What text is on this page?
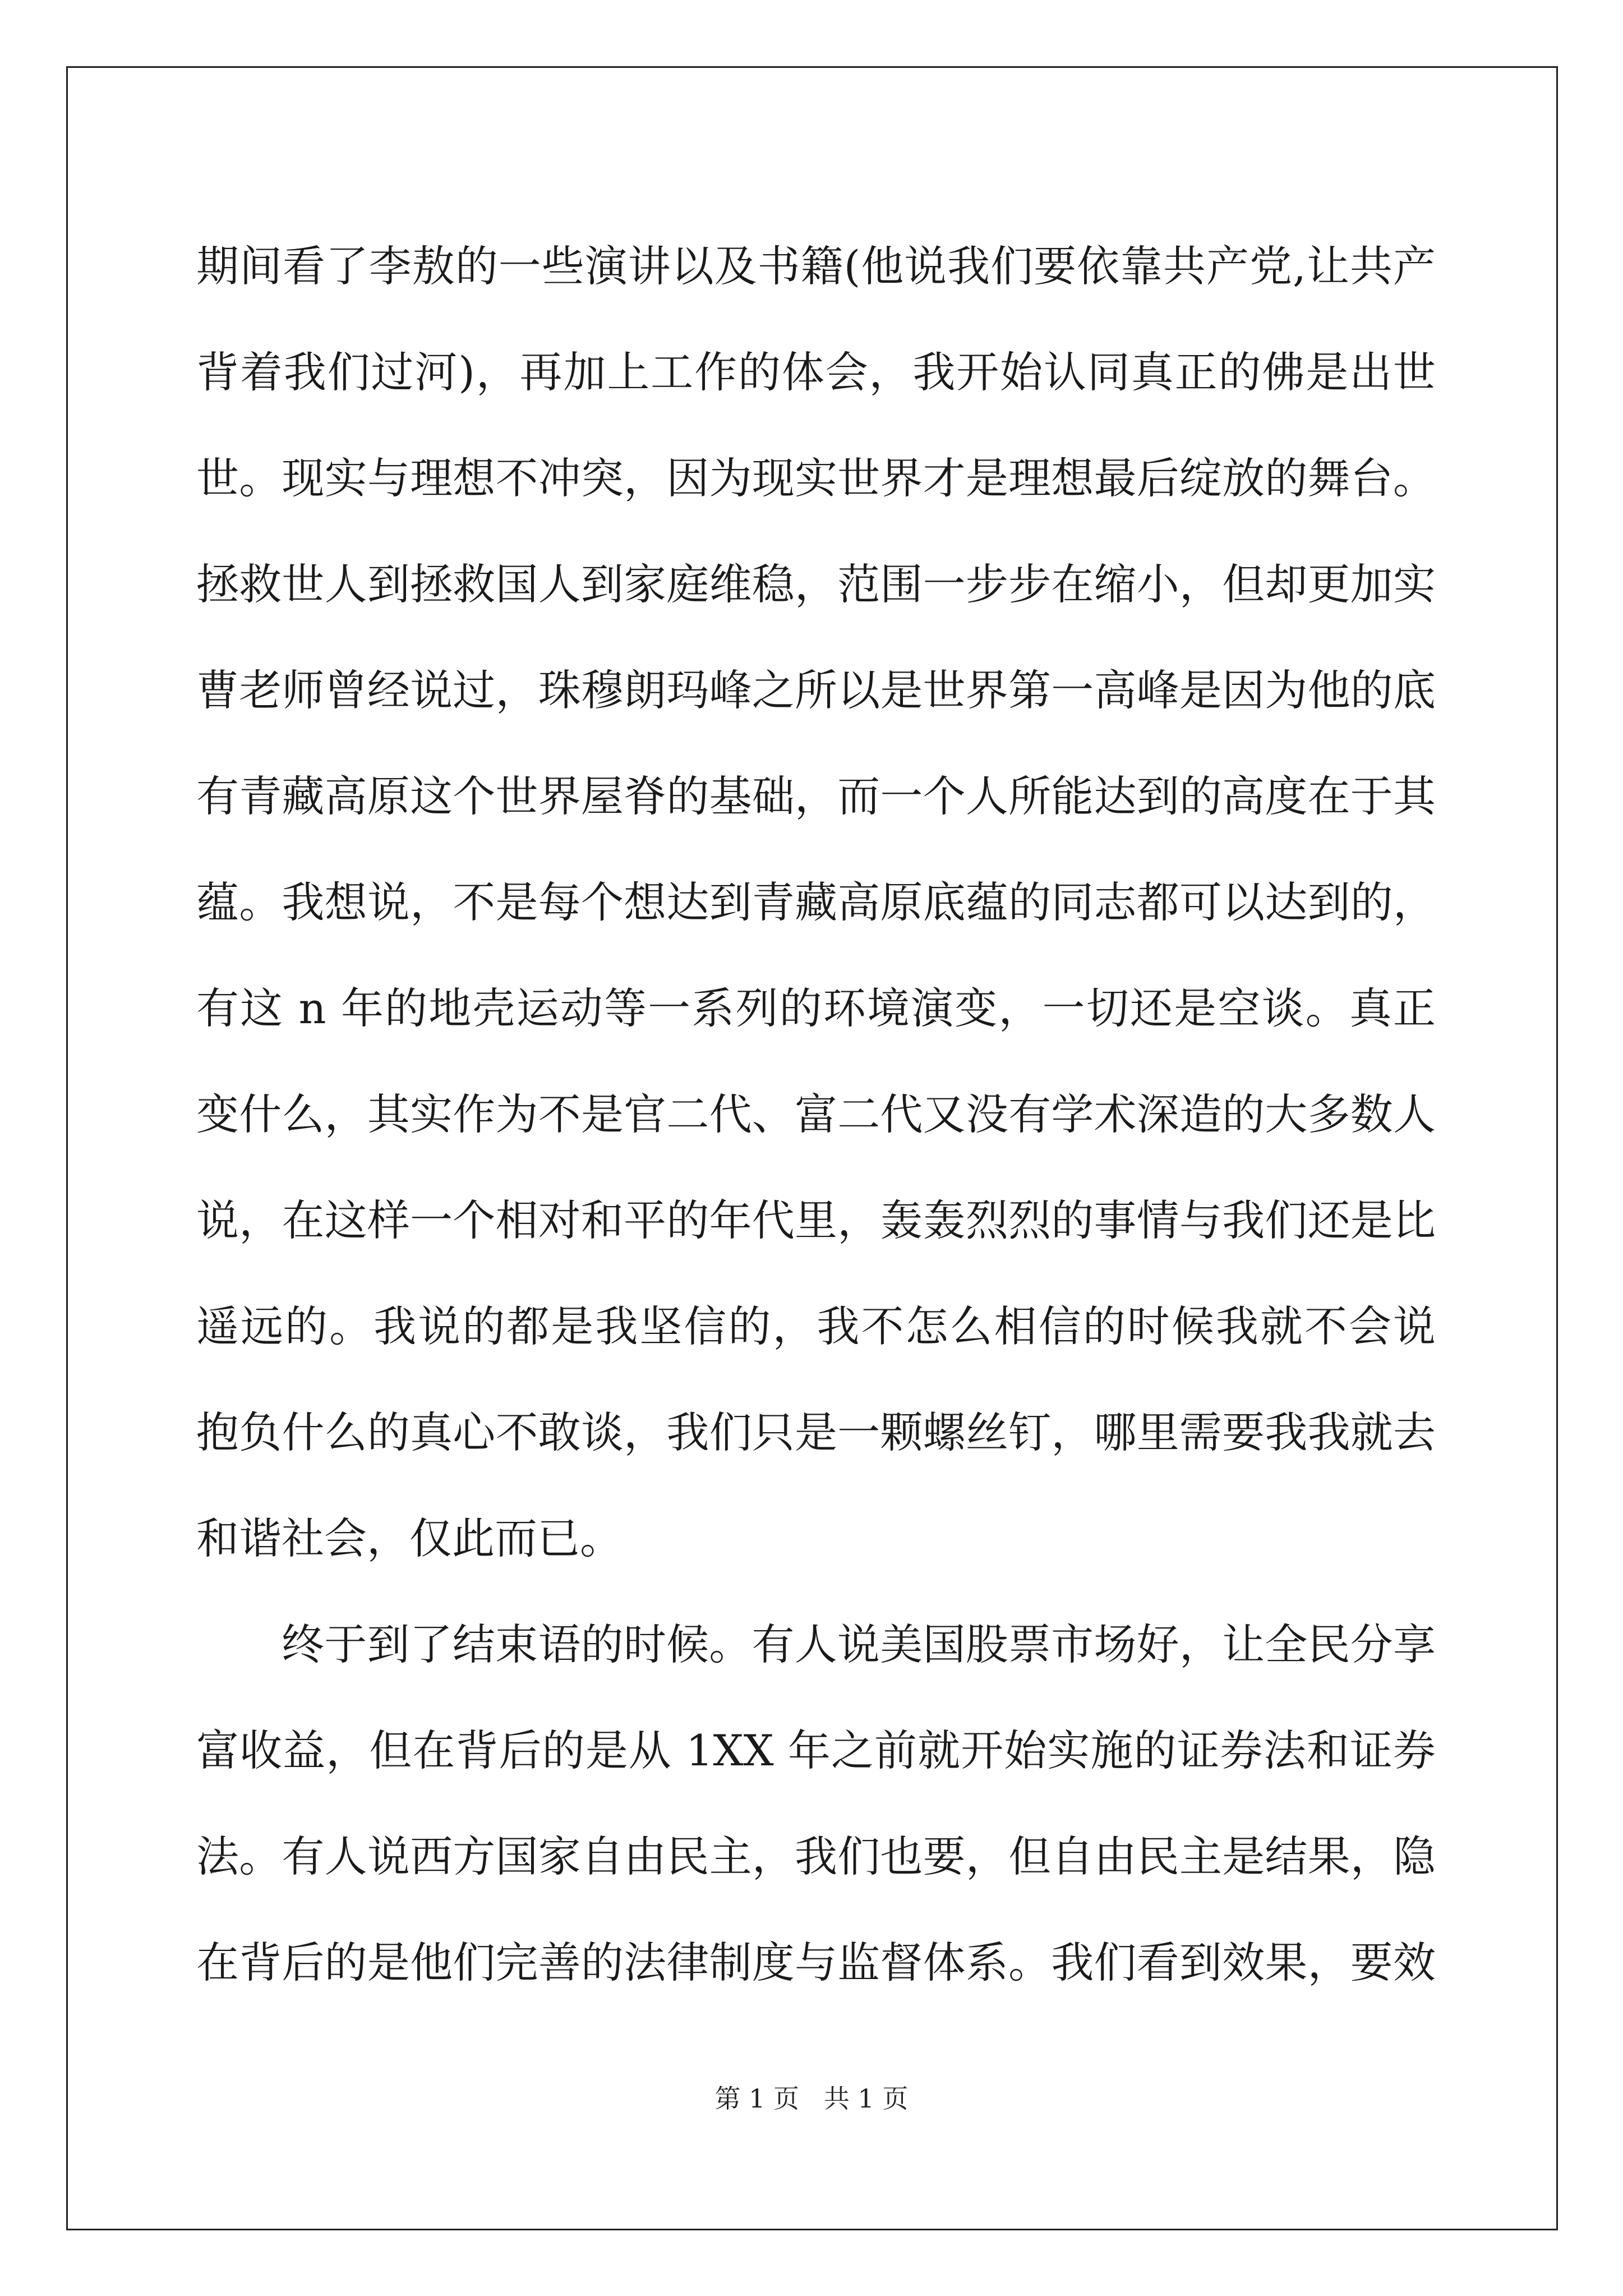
期间看了李敖的一些演讲以及书籍(他说我们要依靠共产党,让共产
背着我们过河)，再加上工作的体会，我开始认同真正的佛是出世
世。现实与理想不冲突，因为现实世界才是理想最后绽放的舞台。
拯救世人到拯救国人到家庭维稳，范围一步步在缩小，但却更加实
曹老师曾经说过，珠穆朗玛峰之所以是世界第一高峰是因为他的底
有青藏高原这个世界屋脊的基础，而一个人所能达到的高度在于其
蕴。我想说，不是每个想达到青藏高原底蕴的同志都可以达到的，
有这 n 年的地壳运动等一系列的环境演变，一切还是空谈。真正
变什么，其实作为不是官二代、富二代又没有学术深造的大多数人
说，在这样一个相对和平的年代里，轰轰烈烈的事情与我们还是比
遥远的。我说的都是我坚信的，我不怎么相信的时候我就不会说
抱负什么的真心不敢谈，我们只是一颗螺丝钉，哪里需要我我就去
和谐社会，仅此而已。
终于到了结束语的时候。有人说美国股票市场好，让全民分享
富收益，但在背后的是从 1XX 年之前就开始实施的证券法和证券
法。有人说西方国家自由民主，我们也要，但自由民主是结果，隐
在背后的是他们完善的法律制度与监督体系。我们看到效果，要效
第 1 页   共 1 页
